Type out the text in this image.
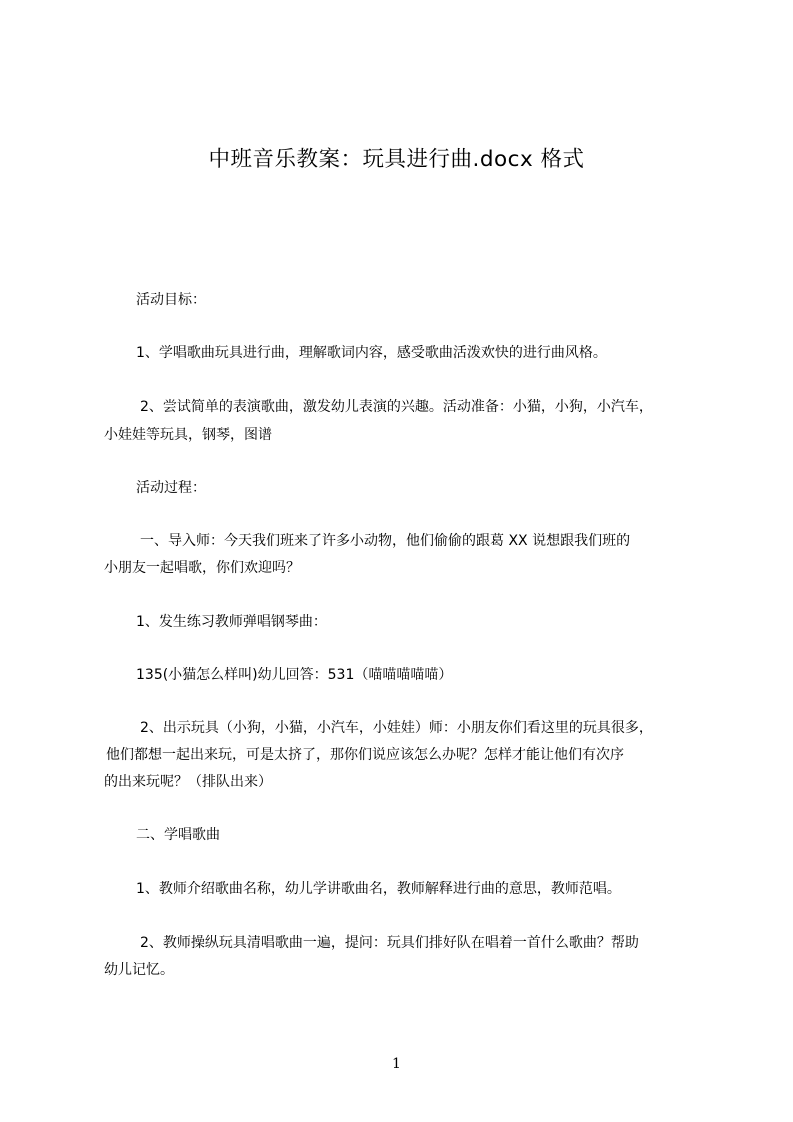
中班音乐教案：玩具进行曲.docx 格式
活动目标：
1、学唱歌曲玩具进行曲，理解歌词内容，感受歌曲活泼欢快的进行曲风格。
2、尝试简单的表演歌曲，激发幼儿表演的兴趣。活动准备：小猫，小狗，小汽车，
小娃娃等玩具，钢琴，图谱
活动过程：
一、导入师：今天我们班来了许多小动物，他们偷偷的跟葛 XX 说想跟我们班的
小朋友一起唱歌，你们欢迎吗？
1、发生练习教师弹唱钢琴曲：
135(小猫怎么样叫)幼儿回答：531（喵喵喵喵喵）
2、出示玩具（小狗，小猫，小汽车，小娃娃）师：小朋友你们看这里的玩具很多，
他们都想一起出来玩，可是太挤了，那你们说应该怎么办呢？怎样才能让他们有次序
的出来玩呢？（排队出来）
二、学唱歌曲
1、教师介绍歌曲名称，幼儿学讲歌曲名，教师解释进行曲的意思，教师范唱。
2、教师操纵玩具清唱歌曲一遍，提问：玩具们排好队在唱着一首什么歌曲？帮助
幼儿记忆。
1
